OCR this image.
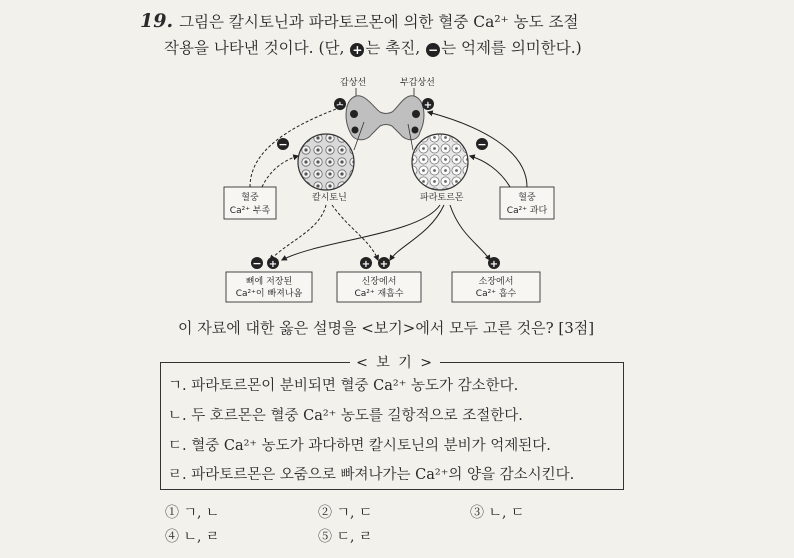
19. 그림은 칼시토닌과 파라토르몬에 의한 혈중 Ca²⁺ 농도 조절
작용을 나타낸 것이다. (단, + 는 촉진, − 는 억제를 의미한다.)
갑상선	부갑상선
+	+
칼시토닌	파라토르몬
혈중
Ca²⁺ 부족
혈중
Ca²⁺ 과다
−	−
− +	+ +	+
뼈에 저장된
Ca²⁺이 빠져나옴
신장에서
Ca²⁺ 재흡수
소장에서
Ca²⁺ 흡수
이 자료에 대한 옳은 설명을 <보기>에서 모두 고른 것은? [3점]
< 보 기 >
ㄱ. 파라토르몬이 분비되면 혈중 Ca²⁺ 농도가 감소한다.
ㄴ. 두 호르몬은 혈중 Ca²⁺ 농도를 길항적으로 조절한다.
ㄷ. 혈중 Ca²⁺ 농도가 과다하면 칼시토닌의 분비가 억제된다.
ㄹ. 파라토르몬은 오줌으로 빠져나가는 Ca²⁺의 양을 감소시킨다.
① ㄱ, ㄴ	② ㄱ, ㄷ	③ ㄴ, ㄷ
④ ㄴ, ㄹ	⑤ ㄷ, ㄹ
